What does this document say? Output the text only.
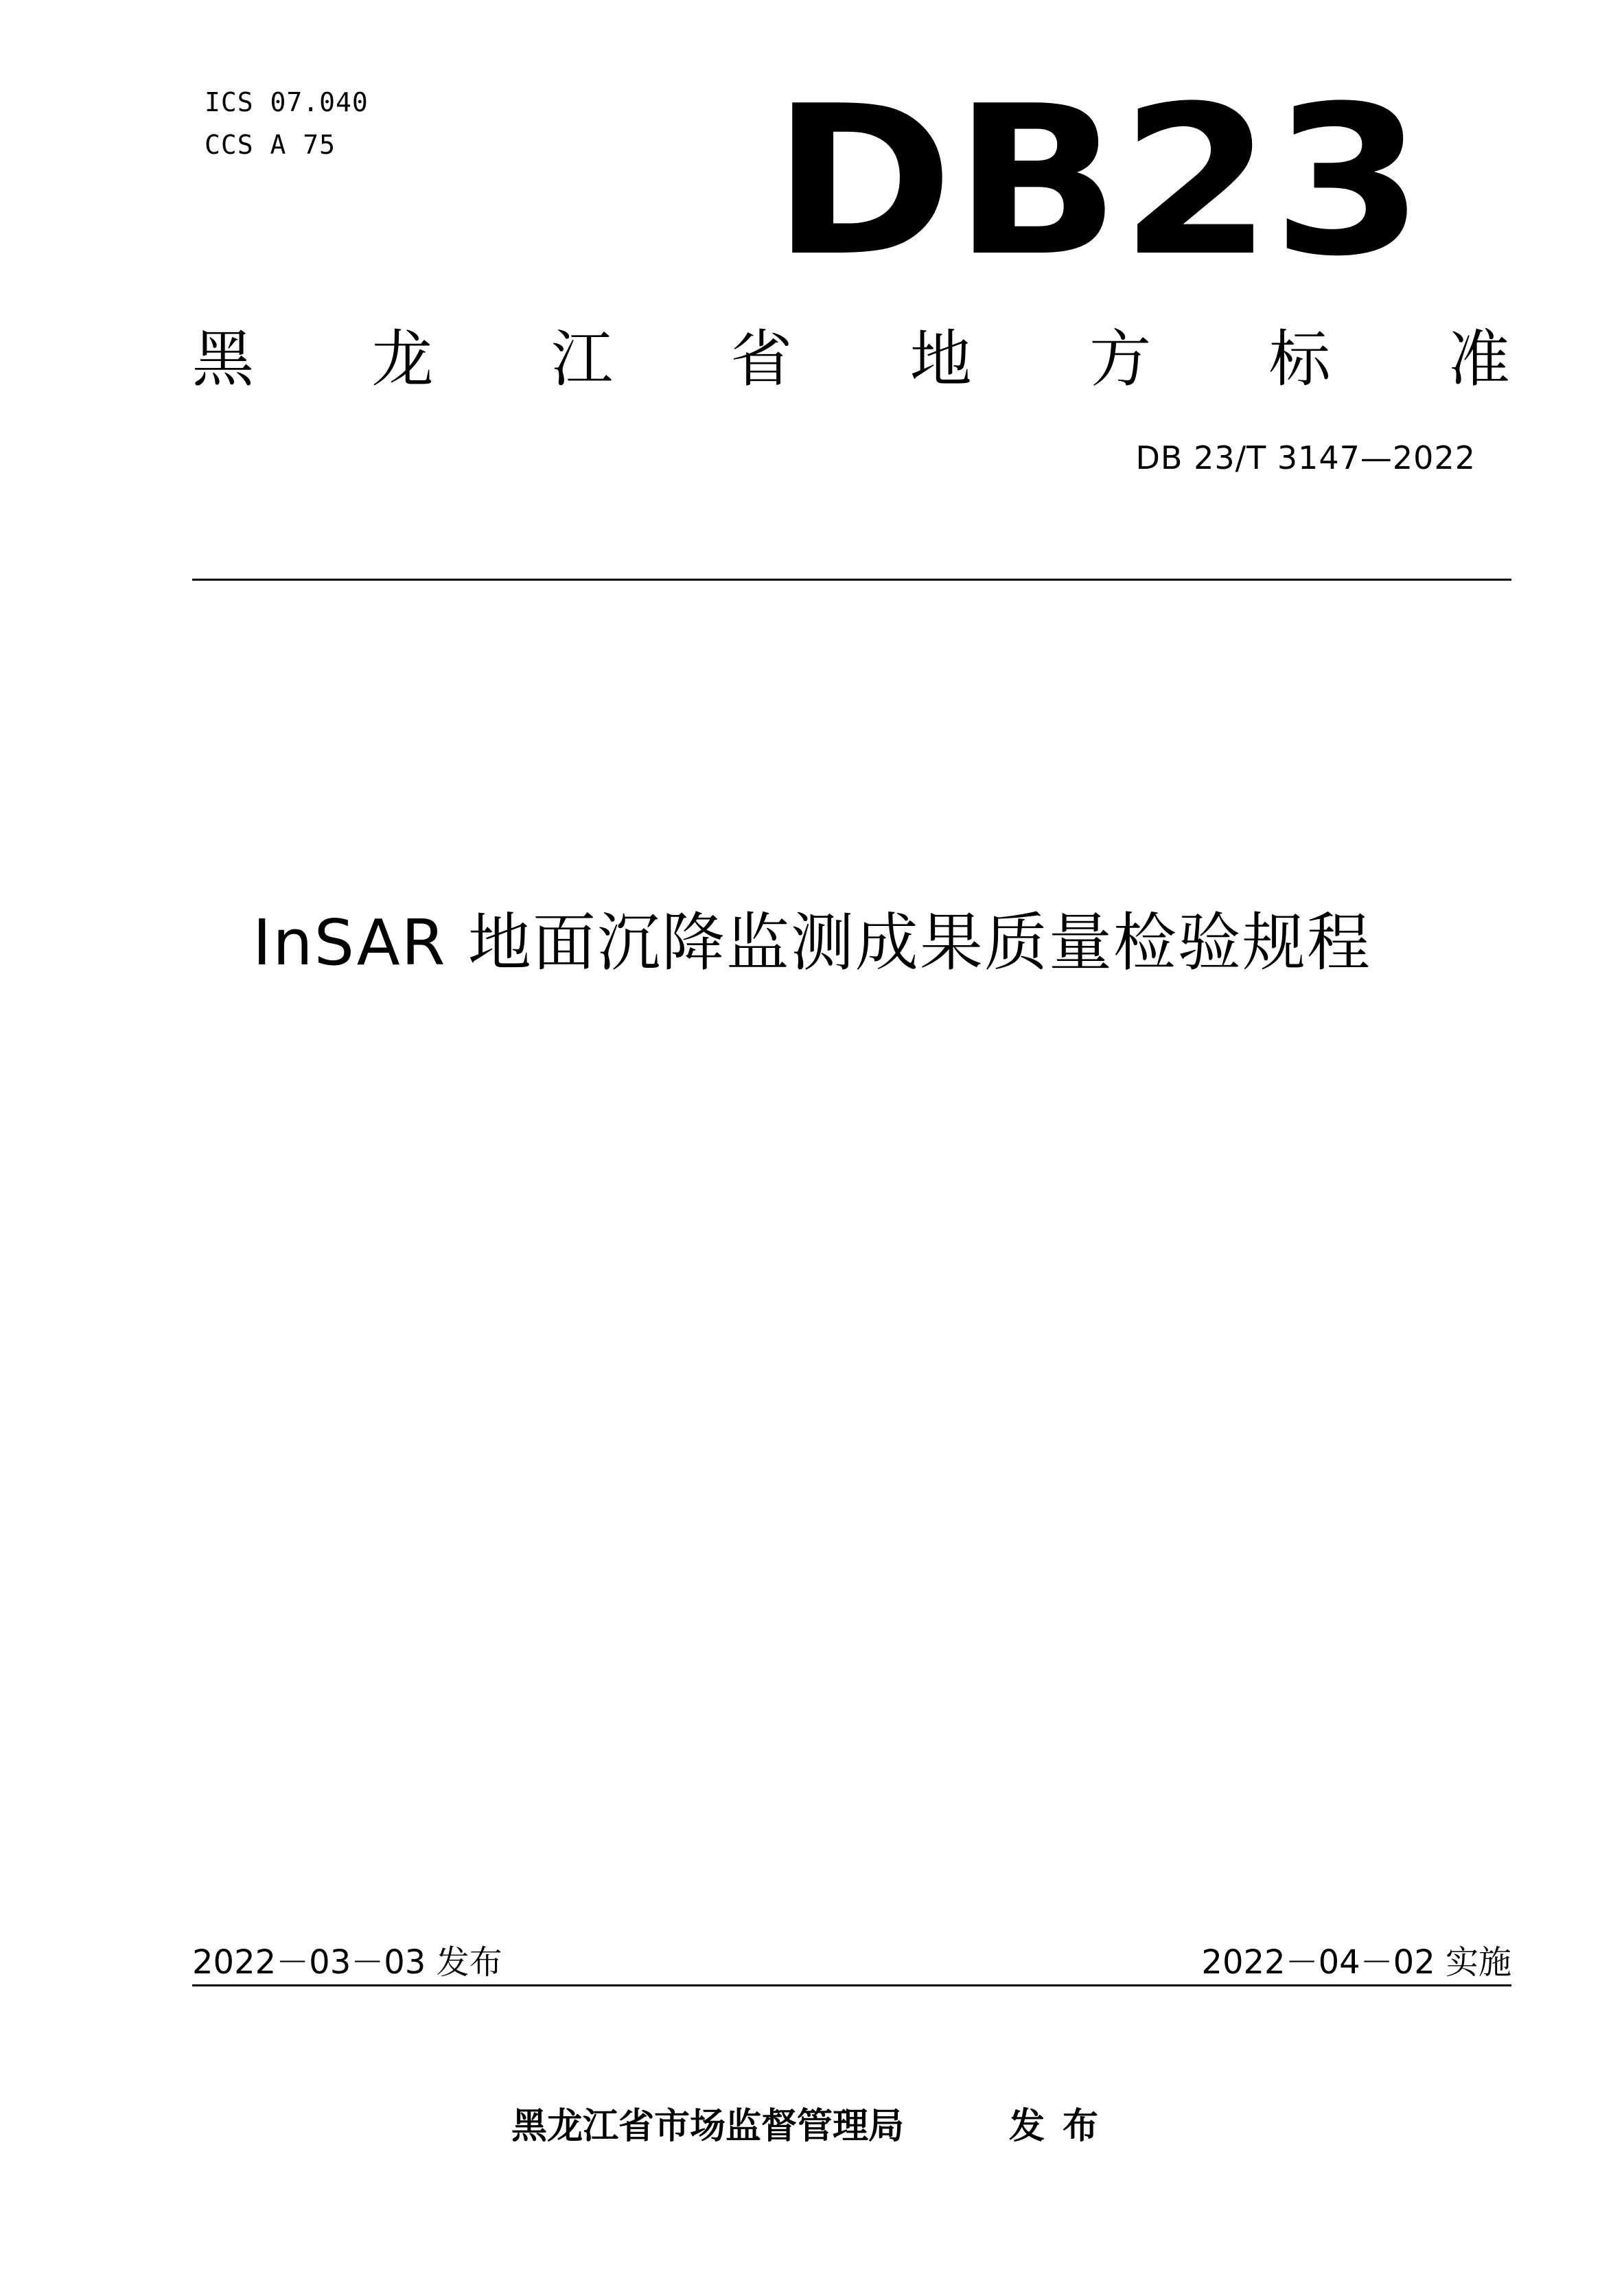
ICS 07.040
CCS A 75 DB23
黑 龙 江 省 地 方 标 准
DB 23/T 3147—2022
InSAR 地面沉降监测成果质量检验规程
2022－03－03 发布	2022－04－02 实施
黑龙江省市场监督管理局	发布
